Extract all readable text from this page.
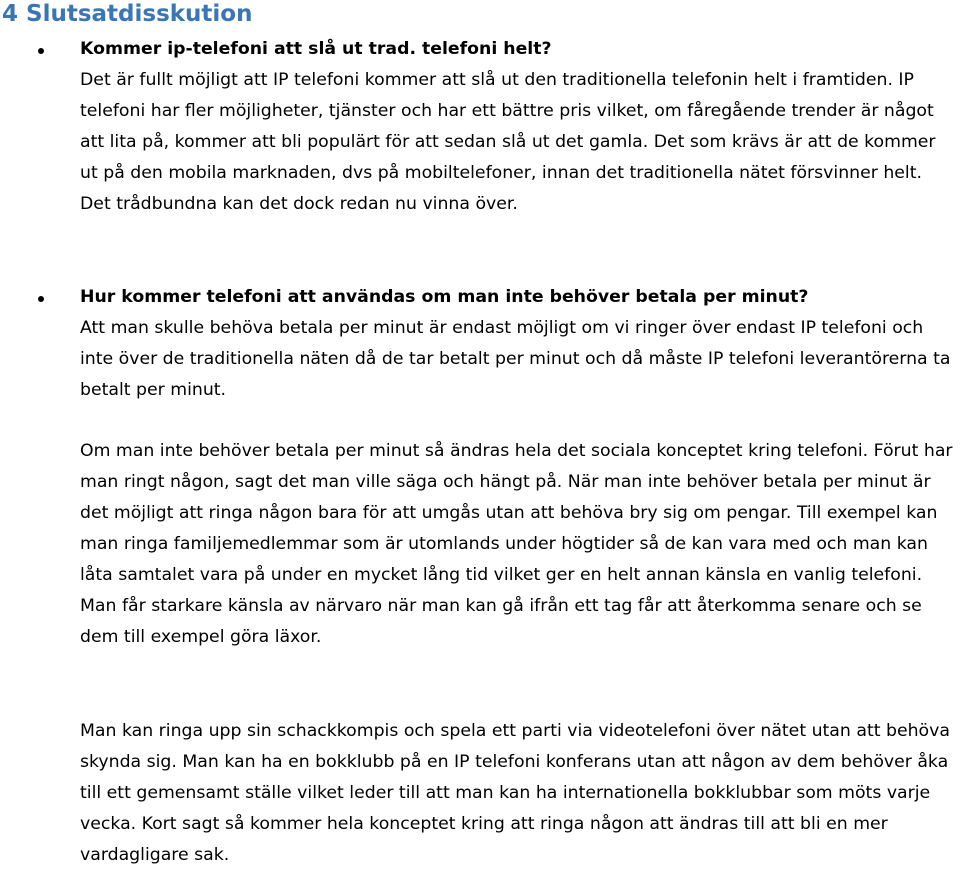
4 Slutsatdisskution

Kommer ip-telefoni att slå ut trad. telefoni helt?

Det är fullt möjligt att IP telefoni kommer att slå ut den traditionella telefonin helt i framtiden. IP telefoni har fler möjligheter, tjänster och har ett bättre pris vilket, om fåregående trender är något att lita på, kommer att bli populärt för att sedan slå ut det gamla. Det som krävs är att de kommer ut på den mobila marknaden, dvs på mobiltelefoner, innan det traditionella nätet försvinner helt. Det trådbundna kan det dock redan nu vinna över.

Hur kommer telefoni att användas om man inte behöver betala per minut?

Att man skulle behöva betala per minut är endast möjligt om vi ringer över endast IP telefoni och inte över de traditionella näten då de tar betalt per minut och då måste IP telefoni leverantörerna ta betalt per minut.

Om man inte behöver betala per minut så ändras hela det sociala konceptet kring telefoni. Förut har man ringt någon, sagt det man ville säga och hängt på. När man inte behöver betala per minut är det möjligt att ringa någon bara för att umgås utan att behöva bry sig om pengar. Till exempel kan man ringa familjemedlemmar som är utomlands under högtider så de kan vara med och man kan låta samtalet vara på under en mycket lång tid vilket ger en helt annan känsla en vanlig telefoni. Man får starkare känsla av närvaro när man kan gå ifrån ett tag får att återkomma senare och se dem till exempel göra läxor.

Man kan ringa upp sin schackkompis och spela ett parti via videotelefoni över nätet utan att behöva skynda sig. Man kan ha en bokklubb på en IP telefoni konferans utan att någon av dem behöver åka till ett gemensamt ställe vilket leder till att man kan ha internationella bokklubbar som möts varje vecka. Kort sagt så kommer hela konceptet kring att ringa någon att ändras till att bli en mer vardagligare sak.
